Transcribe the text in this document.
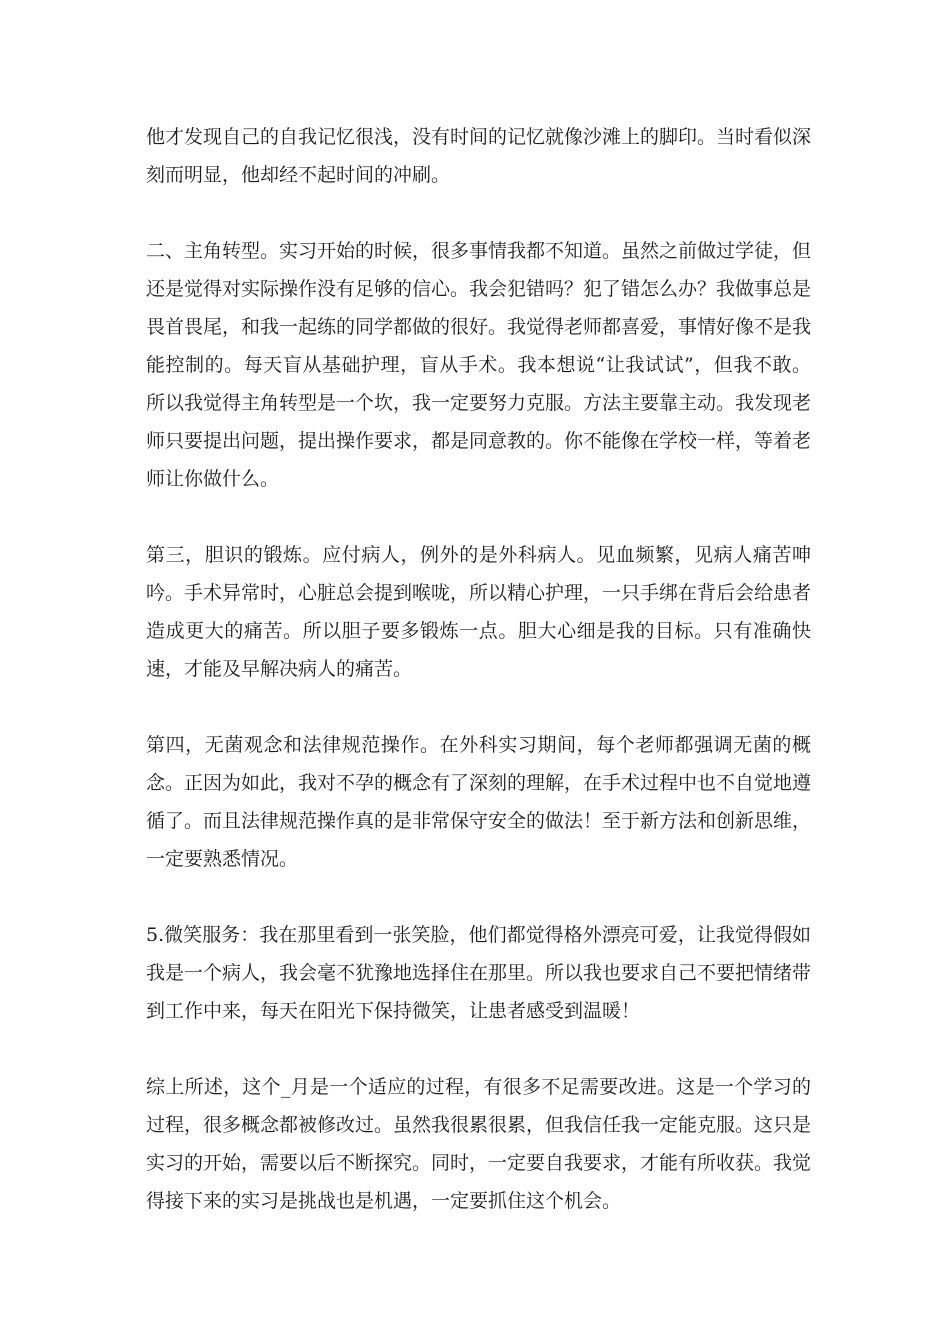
他才发现自己的自我记忆很浅，没有时间的记忆就像沙滩上的脚印。当时看似深刻而明显，他却经不起时间的冲刷。

二、主角转型。实习开始的时候，很多事情我都不知道。虽然之前做过学徒，但还是觉得对实际操作没有足够的信心。我会犯错吗？犯了错怎么办？我做事总是畏首畏尾，和我一起练的同学都做的很好。我觉得老师都喜爱，事情好像不是我能控制的。每天盲从基础护理，盲从手术。我本想说“让我试试”，但我不敢。所以我觉得主角转型是一个坎，我一定要努力克服。方法主要靠主动。我发现老师只要提出问题，提出操作要求，都是同意教的。你不能像在学校一样，等着老师让你做什么。

第三，胆识的锻炼。应付病人，例外的是外科病人。见血频繁，见病人痛苦呻吟。手术异常时，心脏总会提到喉咙，所以精心护理，一只手绑在背后会给患者造成更大的痛苦。所以胆子要多锻炼一点。胆大心细是我的目标。只有准确快速，才能及早解决病人的痛苦。

第四，无菌观念和法律规范操作。在外科实习期间，每个老师都强调无菌的概念。正因为如此，我对不孕的概念有了深刻的理解，在手术过程中也不自觉地遵循了。而且法律规范操作真的是非常保守安全的做法！至于新方法和创新思维，一定要熟悉情况。

5.微笑服务：我在那里看到一张笑脸，他们都觉得格外漂亮可爱，让我觉得假如我是一个病人，我会毫不犹豫地选择住在那里。所以我也要求自己不要把情绪带到工作中来，每天在阳光下保持微笑，让患者感受到温暖！

综上所述，这个_月是一个适应的过程，有很多不足需要改进。这是一个学习的过程，很多概念都被修改过。虽然我很累很累，但我信任我一定能克服。这只是实习的开始，需要以后不断探究。同时，一定要自我要求，才能有所收获。我觉得接下来的实习是挑战也是机遇，一定要抓住这个机会。
